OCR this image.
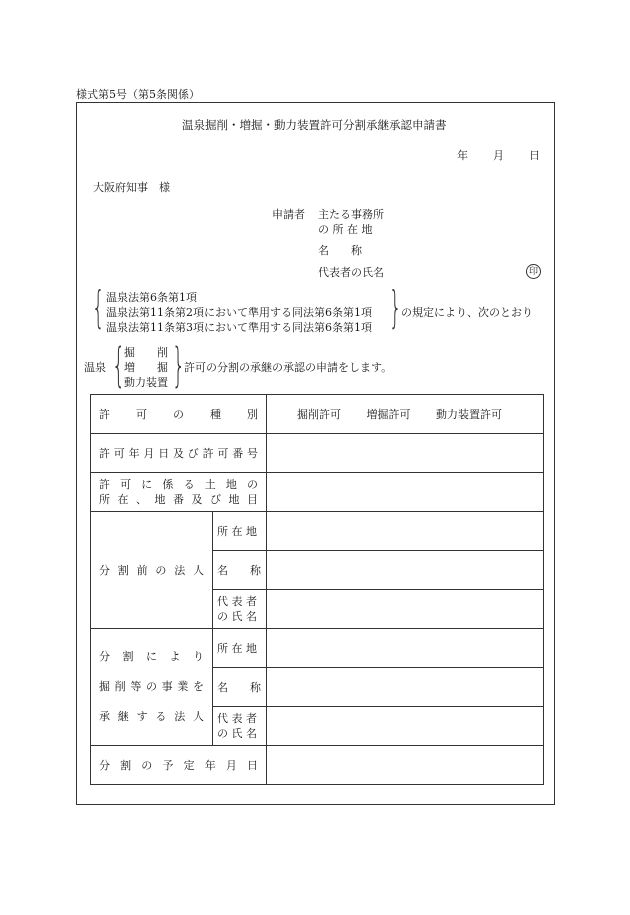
様式第5号（第5条関係）
温泉掘削・増掘・動力装置許可分割承継承認申請書
年 月 日
大阪府知事　様
申請者 主たる事務所
の 所 在 地
名　　称
代表者の氏名	印
{ 温泉法第6条第1項
温泉法第11条第2項において準用する同法第6条第1項
温泉法第11条第3項において準用する同法第6条第1項 } の規定により、次のとおり
温泉 {
掘　　削
増　　掘
動力装置 }
許可の分割の承継の承認の申請をします。
許可の種別		掘削許可 増掘許可 動力装置許可

許可年月日及び許可番号		

許可に係る土地の
所在、地番及び地目		

分割前の法人	所 在 地	
	名　　称	

	代 表 者
の 氏 名	

分割により
掘削等の事業を
承継する法人	所 在 地	
	名　　称	

	代 表 者
の 氏 名	

分割の予定年月日		
